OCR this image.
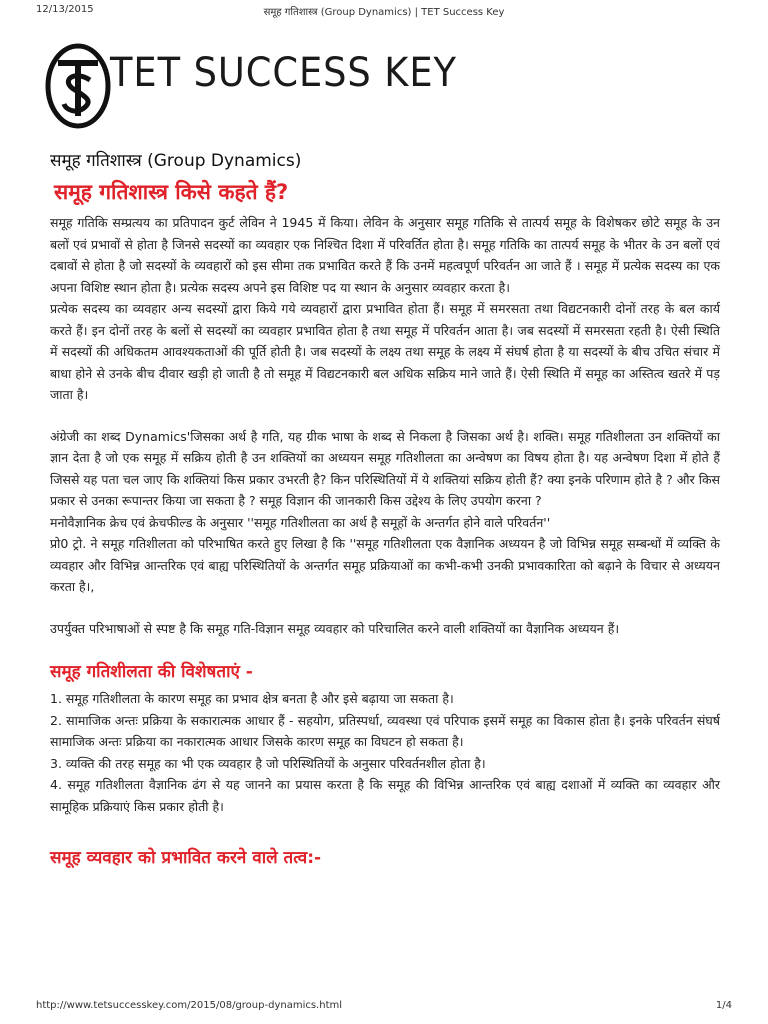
12/13/2015	समूह गतिशास्त्र (Group Dynamics) | TET Success Key
TET SUCCESS KEY
समूह गतिशास्त्र (Group Dynamics)
समूह गतिशास्त्र किसे कहते हैं?

समूह गतिकि सम्प्रत्यय का प्रतिपादन कुर्ट लेविन ने 1945 में किया। लेविन के अनुसार समूह गतिकि से तात्पर्य समूह के विशेषकर छोटे समूह के उन बलों एवं प्रभावों से होता है जिनसे सदस्यों का व्यवहार एक निश्चित दिशा में परिवर्तित होता है। समूह गतिकि का तात्पर्य समूह के भीतर के उन बलों एवं दबावों से होता है जो सदस्यों के व्यवहारों को इस सीमा तक प्रभावित करते हैं कि उनमें महत्वपूर्ण परिवर्तन आ जाते हैं । समूह में प्रत्येक सदस्य का एक अपना विशिष्ट स्थान होता है। प्रत्येक सदस्य अपने इस विशिष्ट पद या स्थान के अनुसार व्यवहार करता है।

प्रत्येक सदस्य का व्यवहार अन्य सदस्यों द्वारा किये गये व्यवहारों द्वारा प्रभावित होता हैं। समूह में समरसता तथा विद्यटनकारी दोनों तरह के बल कार्य करते हैं। इन दोनों तरह के बलों से सदस्यों का व्यवहार प्रभावित होता है तथा समूह में परिवर्तन आता है। जब सदस्यों में समरसता रहती है। ऐसी स्थिति में सदस्यों की अधिकतम आवश्यकताओं की पूर्ति होती है। जब सदस्यों के लक्ष्य तथा समूह के लक्ष्य में संघर्ष होता है या सदस्यों के बीच उचित संचार में बाधा होने से उनके बीच दीवार खड़ी हो जाती है तो समूह में विद्यटनकारी बल अधिक सक्रिय माने जाते हैं। ऐसी स्थिति में समूह का अस्तित्व खतरे में पड़ जाता है।

अंग्रेजी का शब्द Dynamics'जिसका अर्थ है गति, यह ग्रीक भाषा के शब्द से निकला है जिसका अर्थ है। शक्ति। समूह गतिशीलता उन शक्तियों का ज्ञान देता है जो एक समूह में सक्रिय होती है उन शक्तियों का अध्ययन समूह गतिशीलता का अन्वेषण का विषय होता है। यह अन्वेषण दिशा में होते हैं जिससे यह पता चल जाए कि शक्तियां किस प्रकार उभरती है? किन परिस्थितियों में ये शक्तियां सक्रिय होती हैं? क्या इनके परिणाम होते है ? और किस प्रकार से उनका रूपान्तर किया जा सकता है ? समूह विज्ञान की जानकारी किस उद्देश्य के लिए उपयोग करना ?

मनोवैज्ञानिक क्रेच एवं क्रेचफील्ड के अनुसार ''समूह गतिशीलता का अर्थ है समूहों के अन्तर्गत होने वाले परिवर्तन''

प्रो0 ट्रो. ने समूह गतिशीलता को परिभाषित करते हुए लिखा है कि ''समूह गतिशीलता एक वैज्ञानिक अध्ययन है जो विभिन्न समूह सम्बन्धों में व्यक्ति के व्यवहार और विभिन्न आन्तरिक एवं बाह्य परिस्थितियों के अन्तर्गत समूह प्रक्रियाओं का कभी-कभी उनकी प्रभावकारिता को बढ़ाने के विचार से अध्ययन करता है।,

उपर्युक्त परिभाषाओं से स्पष्ट है कि समूह गति-विज्ञान समूह व्यवहार को परिचालित करने वाली शक्तियों का वैज्ञानिक अध्ययन हैं।

समूह गतिशीलता की विशेषताएं -

1. समूह गतिशीलता के कारण समूह का प्रभाव क्षेत्र बनता है और इसे बढ़ाया जा सकता है।

2. सामाजिक अन्तः प्रक्रिया के सकारात्मक आधार हैं - सहयोग, प्रतिस्पर्धा, व्यवस्था एवं परिपाक इसमें समूह का विकास होता है। इनके परिवर्तन संघर्ष सामाजिक अन्तः प्रक्रिया का नकारात्मक आधार जिसके कारण समूह का विघटन हो सकता है।

3. व्यक्ति की तरह समूह का भी एक व्यवहार है जो परिस्थितियों के अनुसार परिवर्तनशील होता है।

4. समूह गतिशीलता वैज्ञानिक ढंग से यह जानने का प्रयास करता है कि समूह की विभिन्न आन्तरिक एवं बाह्य दशाओं में व्यक्ति का व्यवहार और सामूहिक प्रक्रियाएं किस प्रकार होती है।

समूह व्यवहार को प्रभावित करने वाले तत्व:-
http://www.tetsuccesskey.com/2015/08/group-dynamics.html	1/4
